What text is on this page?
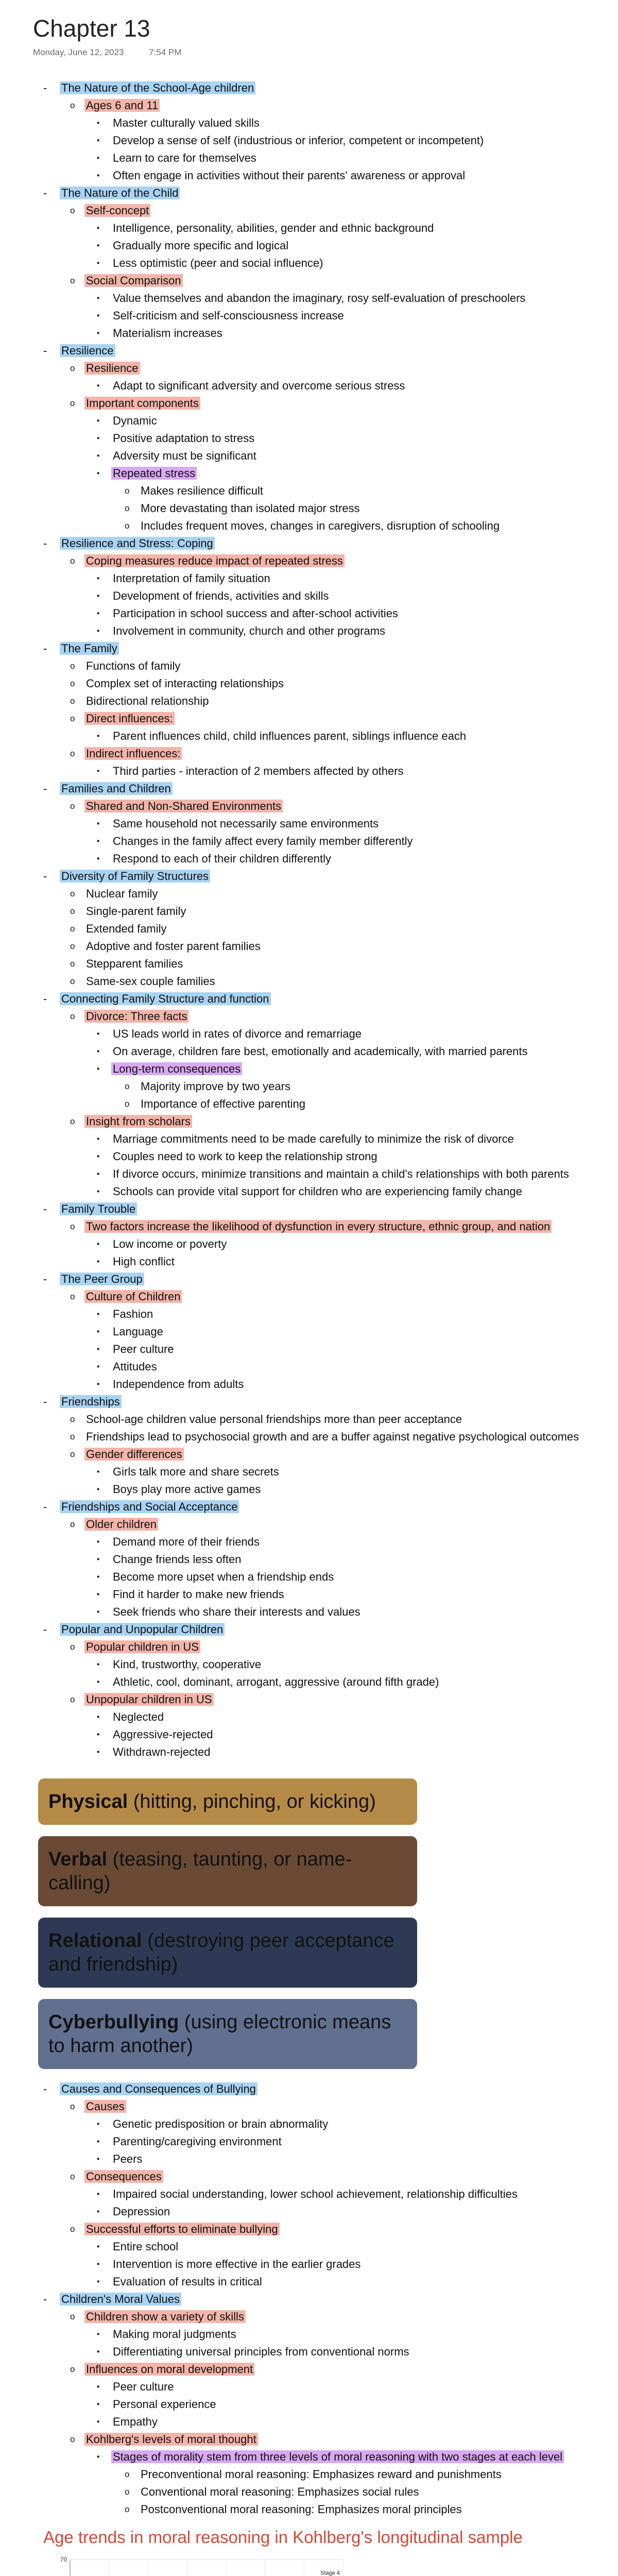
Chapter 13
Monday, June 12, 2023	7:54 PM
- The Nature of the School-Age children
o Ages 6 and 11
▪ Master culturally valued skills
▪ Develop a sense of self (industrious or inferior, competent or incompetent)
▪ Learn to care for themselves
▪ Often engage in activities without their parents' awareness or approval
- The Nature of the Child
o Self-concept
▪ Intelligence, personality, abilities, gender and ethnic background
▪ Gradually more specific and logical
▪ Less optimistic (peer and social influence)
o Social Comparison
▪ Value themselves and abandon the imaginary, rosy self-evaluation of preschoolers
▪ Self-criticism and self-consciousness increase
▪ Materialism increases
- Resilience
o Resilience
▪ Adapt to significant adversity and overcome serious stress
o Important components
▪ Dynamic
▪ Positive adaptation to stress
▪ Adversity must be significant
▪ Repeated stress
o Makes resilience difficult
o More devastating than isolated major stress
o Includes frequent moves, changes in caregivers, disruption of schooling
- Resilience and Stress: Coping
o Coping measures reduce impact of repeated stress
▪ Interpretation of family situation
▪ Development of friends, activities and skills
▪ Participation in school success and after-school activities
▪ Involvement in community, church and other programs
- The Family
o Functions of family
o Complex set of interacting relationships
o Bidirectional relationship
o Direct influences:
▪ Parent influences child, child influences parent, siblings influence each
o Indirect influences:
▪ Third parties - interaction of 2 members affected by others
- Families and Children
o Shared and Non-Shared Environments
▪ Same household not necessarily same environments
▪ Changes in the family affect every family member differently
▪ Respond to each of their children differently
- Diversity of Family Structures
o Nuclear family
o Single-parent family
o Extended family
o Adoptive and foster parent families
o Stepparent families
o Same-sex couple families
- Connecting Family Structure and function
o Divorce: Three facts
▪ US leads world in rates of divorce and remarriage
▪ On average, children fare best, emotionally and academically, with married parents
▪ Long-term consequences
o Majority improve by two years
o Importance of effective parenting
o Insight from scholars
▪ Marriage commitments need to be made carefully to minimize the risk of divorce
▪ Couples need to work to keep the relationship strong
▪ If divorce occurs, minimize transitions and maintain a child's relationships with both parents
▪ Schools can provide vital support for children who are experiencing family change
- Family Trouble
o Two factors increase the likelihood of dysfunction in every structure, ethnic group, and nation
▪ Low income or poverty
▪ High conflict
- The Peer Group
o Culture of Children
▪ Fashion
▪ Language
▪ Peer culture
▪ Attitudes
▪ Independence from adults
- Friendships
o School-age children value personal friendships more than peer acceptance
o Friendships lead to psychosocial growth and are a buffer against negative psychological outcomes
o Gender differences
▪ Girls talk more and share secrets
▪ Boys play more active games
- Friendships and Social Acceptance
o Older children
▪ Demand more of their friends
▪ Change friends less often
▪ Become more upset when a friendship ends
▪ Find it harder to make new friends
▪ Seek friends who share their interests and values
- Popular and Unpopular Children
o Popular children in US
▪ Kind, trustworthy, cooperative
▪ Athletic, cool, dominant, arrogant, aggressive (around fifth grade)
o Unpopular children in US
▪ Neglected
▪ Aggressive-rejected
▪ Withdrawn-rejected
Physical (hitting, pinching, or kicking)
Verbal (teasing, taunting, or name-calling)
Relational (destroying peer acceptance and friendship)
Cyberbullying (using electronic means to harm another)
- Causes and Consequences of Bullying
o Causes
▪ Genetic predisposition or brain abnormality
▪ Parenting/caregiving environment
▪ Peers
o Consequences
▪ Impaired social understanding, lower school achievement, relationship difficulties
▪ Depression
o Successful efforts to eliminate bullying
▪ Entire school
▪ Intervention is more effective in the earlier grades
▪ Evaluation of results in critical
- Children's Moral Values
o Children show a variety of skills
▪ Making moral judgments
▪ Differentiating universal principles from conventional norms
o Influences on moral development
▪ Peer culture
▪ Personal experience
▪ Empathy
o Kohlberg's levels of moral thought
▪ Stages of morality stem from three levels of moral reasoning with two stages at each level
o Preconventional moral reasoning: Emphasizes reward and punishments
o Conventional moral reasoning: Emphasizes social rules
o Postconventional moral reasoning: Emphasizes moral principles
Age trends in moral reasoning in Kohlberg's longitudinal sample
70
Stage 4
